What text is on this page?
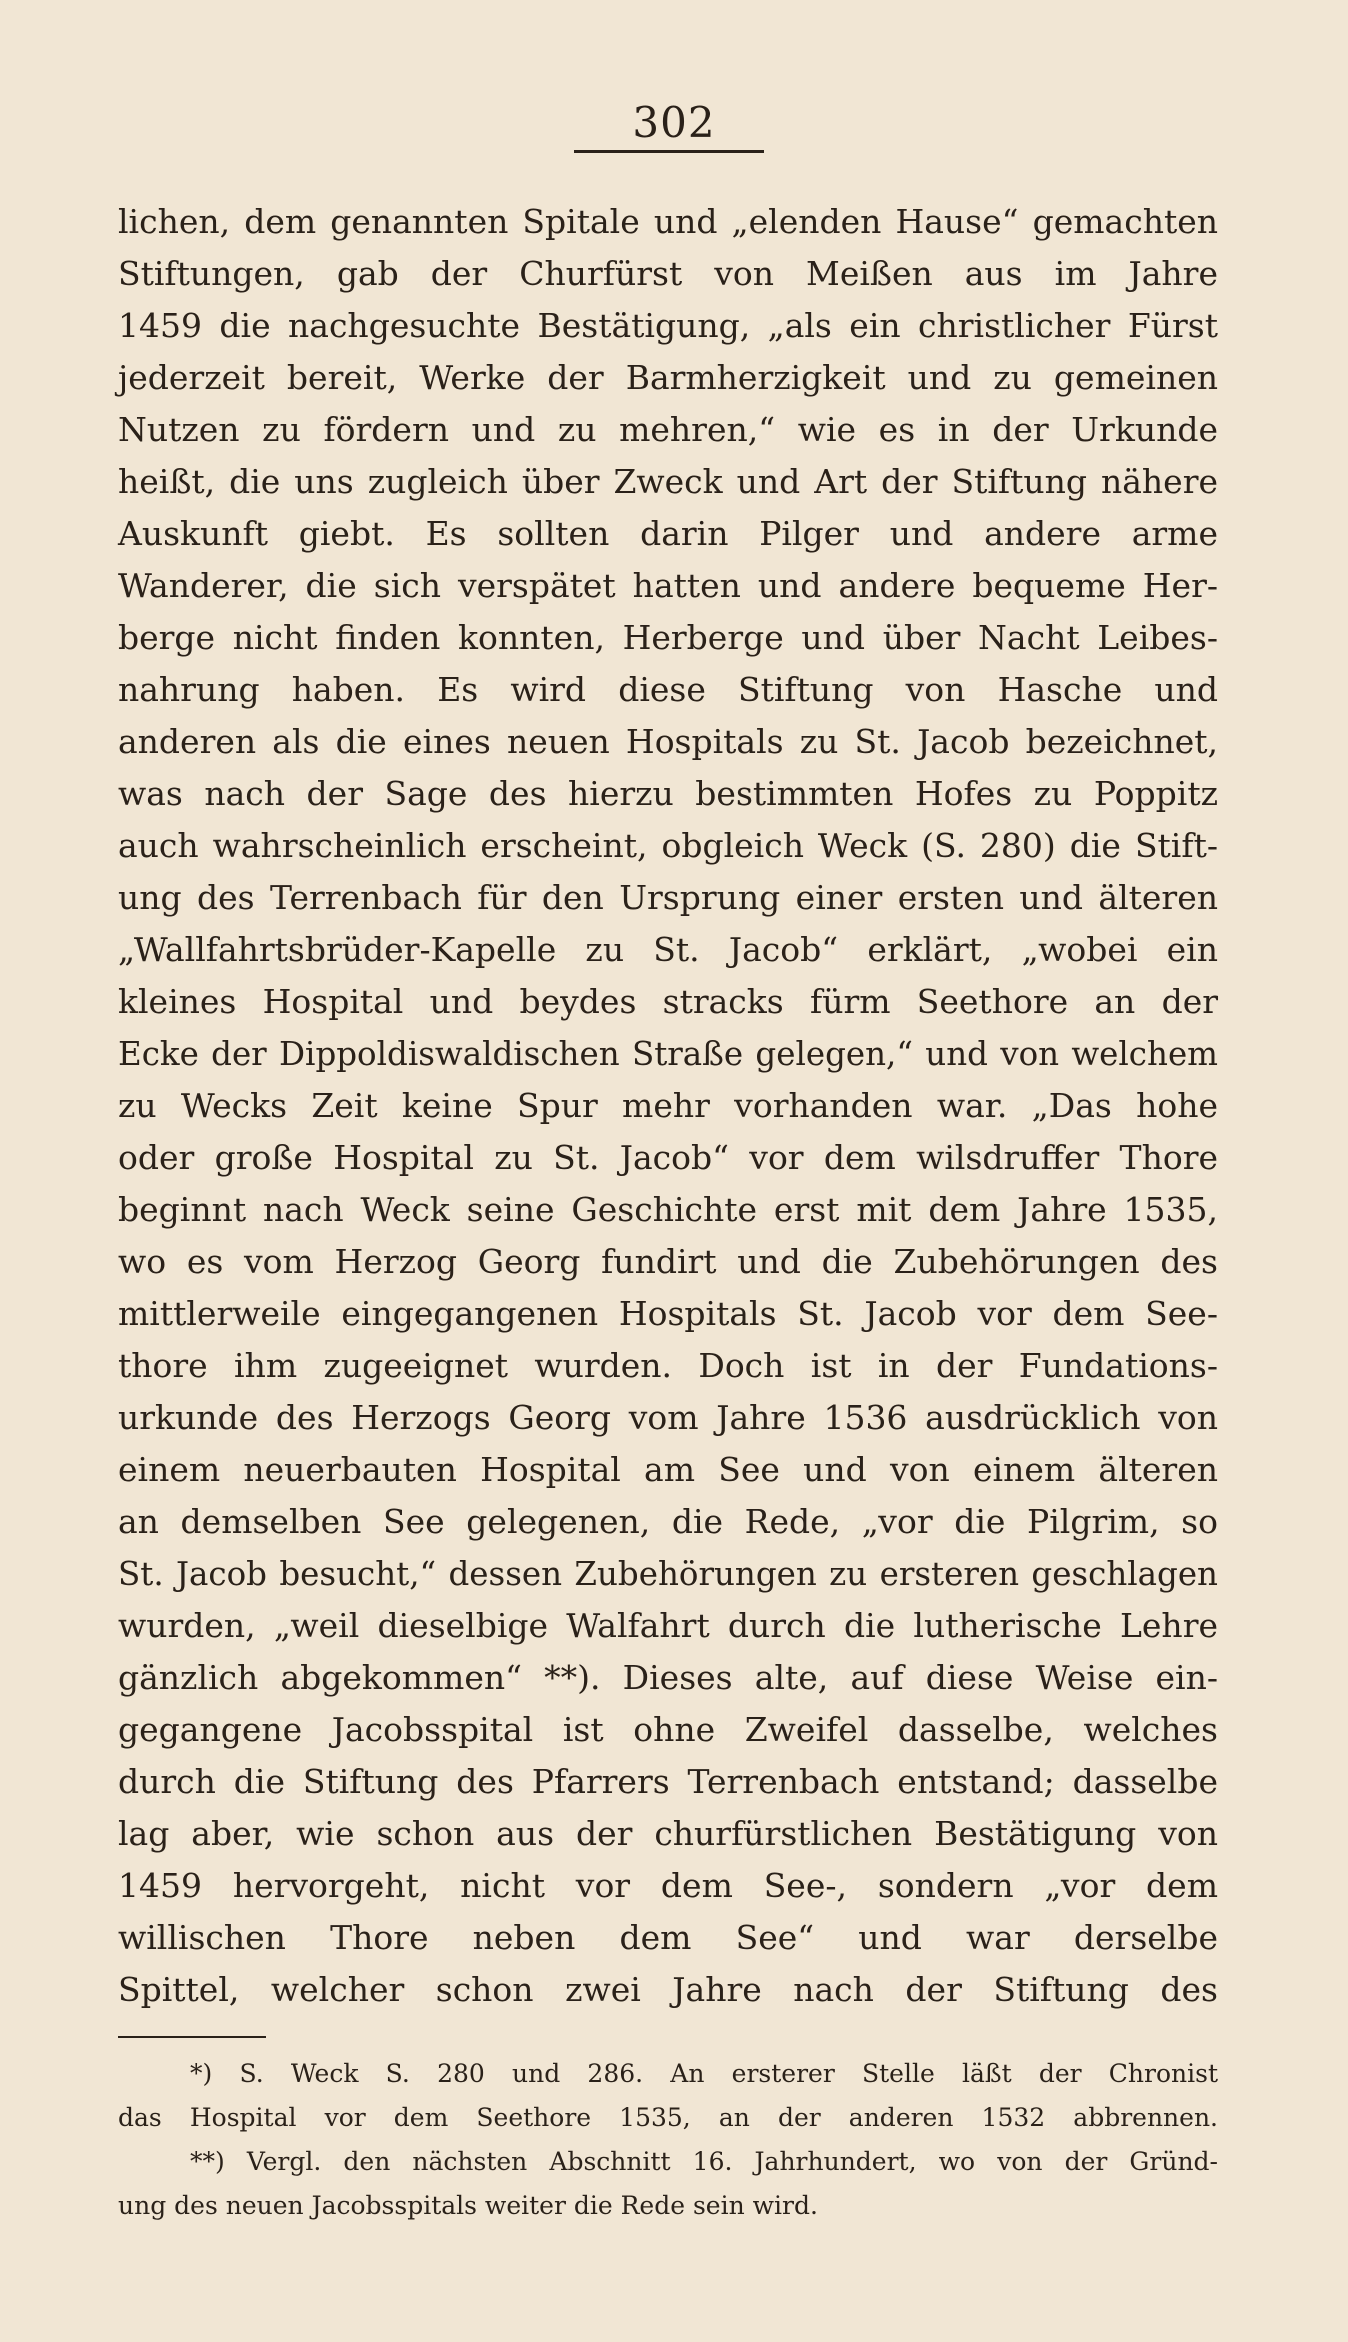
302
lichen, dem genannten Spitale und „elenden Hause“ gemachten
Stiftungen, gab der Churfürst von Meißen aus im Jahre
1459 die nachgesuchte Bestätigung, „als ein christlicher Fürst
jederzeit bereit, Werke der Barmherzigkeit und zu gemeinen
Nutzen zu fördern und zu mehren,“ wie es in der Urkunde
heißt, die uns zugleich über Zweck und Art der Stiftung nähere
Auskunft giebt. Es sollten darin Pilger und andere arme
Wanderer, die sich verspätet hatten und andere bequeme Her-
berge nicht finden konnten, Herberge und über Nacht Leibes-
nahrung haben. Es wird diese Stiftung von Hasche und
anderen als die eines neuen Hospitals zu St. Jacob bezeichnet,
was nach der Sage des hierzu bestimmten Hofes zu Poppitz
auch wahrscheinlich erscheint, obgleich Weck (S. 280) die Stift-
ung des Terrenbach für den Ursprung einer ersten und älteren
„Wallfahrtsbrüder-Kapelle zu St. Jacob“ erklärt, „wobei ein
kleines Hospital und beydes stracks fürm Seethore an der
Ecke der Dippoldiswaldischen Straße gelegen,“ und von welchem
zu Wecks Zeit keine Spur mehr vorhanden war. „Das hohe
oder große Hospital zu St. Jacob“ vor dem wilsdruffer Thore
beginnt nach Weck seine Geschichte erst mit dem Jahre 1535,
wo es vom Herzog Georg fundirt und die Zubehörungen des
mittlerweile eingegangenen Hospitals St. Jacob vor dem See-
thore ihm zugeeignet wurden. Doch ist in der Fundations-
urkunde des Herzogs Georg vom Jahre 1536 ausdrücklich von
einem neuerbauten Hospital am See und von einem älteren
an demselben See gelegenen, die Rede, „vor die Pilgrim, so
St. Jacob besucht,“ dessen Zubehörungen zu ersteren geschlagen
wurden, „weil dieselbige Walfahrt durch die lutherische Lehre
gänzlich abgekommen“ **). Dieses alte, auf diese Weise ein-
gegangene Jacobsspital ist ohne Zweifel dasselbe, welches
durch die Stiftung des Pfarrers Terrenbach entstand; dasselbe
lag aber, wie schon aus der churfürstlichen Bestätigung von
1459 hervorgeht, nicht vor dem See-, sondern „vor dem
willischen Thore neben dem See“ und war derselbe
Spittel, welcher schon zwei Jahre nach der Stiftung des
*) S. Weck S. 280 und 286. An ersterer Stelle läßt der Chronist
das Hospital vor dem Seethore 1535, an der anderen 1532 abbrennen.
**) Vergl. den nächsten Abschnitt 16. Jahrhundert, wo von der Gründ-
ung des neuen Jacobsspitals weiter die Rede sein wird.
